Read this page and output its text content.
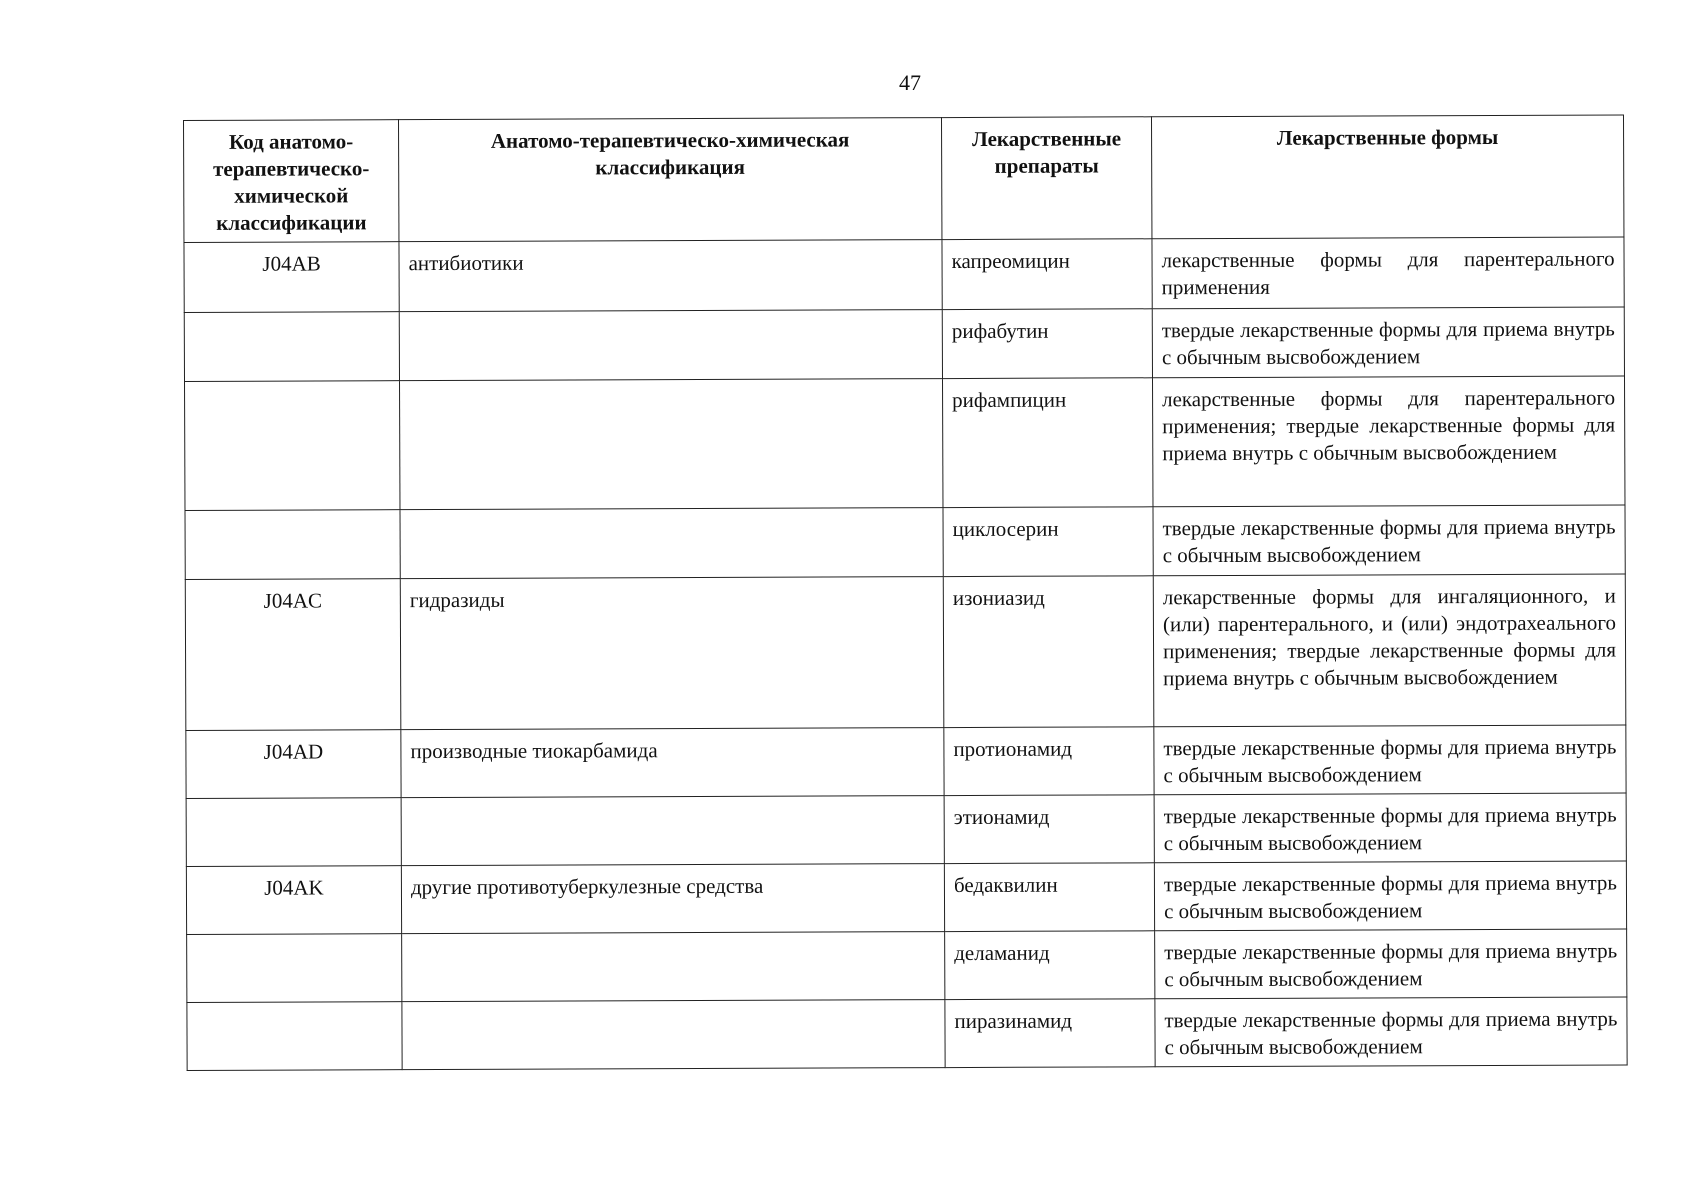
47
Код анатомо-терапевтическо-химической классификации	Анатомо-терапевтическо-химическая классификация	Лекарственные препараты	Лекарственные формы
J04AB	антибиотики	капреомицин	лекарственные формы для парентерального применения
		рифабутин	твердые лекарственные формы для приема внутрь с обычным высвобождением
		рифампицин	лекарственные формы для парентерального применения; твердые лекарственные формы для приема внутрь с обычным высвобождением
		циклосерин	твердые лекарственные формы для приема внутрь с обычным высвобождением
J04AC	гидразиды	изониазид	лекарственные формы для ингаляционного, и (или) парентерального, и (или) эндотрахеального применения; твердые лекарственные формы для приема внутрь с обычным высвобождением
J04AD	производные тиокарбамида	протионамид	твердые лекарственные формы для приема внутрь с обычным высвобождением
		этионамид	твердые лекарственные формы для приема внутрь с обычным высвобождением
J04AK	другие противотуберкулезные средства	бедаквилин	твердые лекарственные формы для приема внутрь с обычным высвобождением
		деламанид	твердые лекарственные формы для приема внутрь с обычным высвобождением
		пиразинамид	твердые лекарственные формы для приема внутрь с обычным высвобождением
